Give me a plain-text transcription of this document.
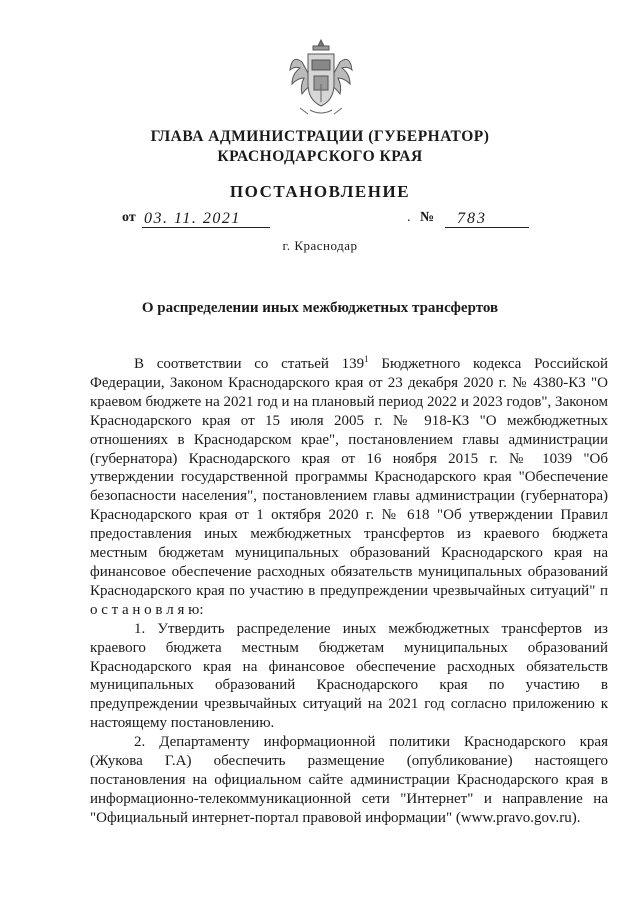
ГЛАВА АДМИНИСТРАЦИИ (ГУБЕРНАТОР)
КРАСНОДАРСКОГО КРАЯ
ПОСТАНОВЛЕНИЕ
от 03. 11. 2021	. №	783
г. Краснодар
О распределении иных межбюджетных трансфертов

В соответствии со статьей $139^1$ Бюджетного кодекса Российской Федерации, Законом Краснодарского края от 23 декабря 2020 г. № 4380-КЗ "О краевом бюджете на 2021 год и на плановый период 2022 и 2023 годов", Законом Краснодарского края от 15 июля 2005 г. № 918-КЗ "О межбюджетных отношениях в Краснодарском крае", постановлением главы администрации (губернатора) Краснодарского края от 16 ноября 2015 г. № 1039 "Об утверждении государственной программы Краснодарского края "Обеспечение безопасности населения", постановлением главы администрации (губернатора) Краснодарского края от 1 октября 2020 г. № 618 "Об утверждении Правил предоставления иных межбюджетных трансфертов из краевого бюджета местным бюджетам муниципальных образований Краснодарского края на финансовое обеспечение расходных обязательств муниципальных образований Краснодарского края по участию в предупреждении чрезвычайных ситуаций" п о с т а н о в л я ю:

1. Утвердить распределение иных межбюджетных трансфертов из краевого бюджета местным бюджетам муниципальных образований Краснодарского края на финансовое обеспечение расходных обязательств муниципальных образований Краснодарского края по участию в предупреждении чрезвычайных ситуаций на 2021 год согласно приложению к настоящему постановлению.

2. Департаменту информационной политики Краснодарского края (Жукова Г.А) обеспечить размещение (опубликование) настоящего постановления на официальном сайте администрации Краснодарского края в информационно-телекоммуникационной сети "Интернет" и направление на "Официальный интернет-портал правовой информации" (www.pravo.gov.ru).
